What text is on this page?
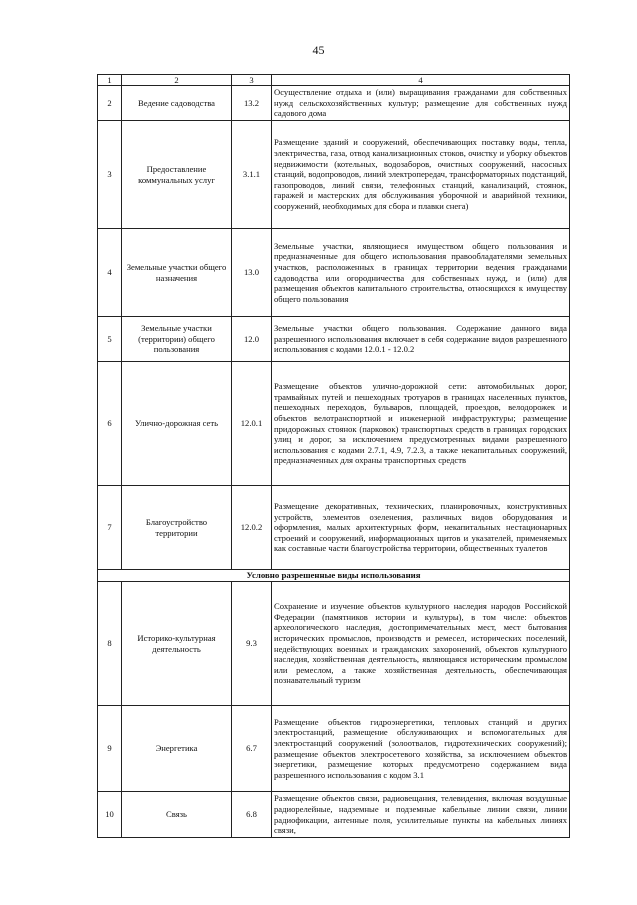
45
1	2	3	4
2	Ведение садоводства	13.2	Осуществление отдыха и (или) выращивания гражданами для собственных нужд сельскохозяйственных культур; размещение для собственных нужд садового дома
3	Предоставление коммунальных услуг	3.1.1	Размещение зданий и сооружений, обеспечивающих поставку воды, тепла, электричества, газа, отвод канализационных стоков, очистку и уборку объектов недвижимости (котельных, водозаборов, очистных сооружений, насосных станций, водопроводов, линий электропередач, трансформаторных подстанций, газопроводов, линий связи, телефонных станций, канализаций, стоянок, гаражей и мастерских для обслуживания уборочной и аварийной техники, сооружений, необходимых для сбора и плавки снега)
4	Земельные участки общего назначения	13.0	Земельные участки, являющиеся имуществом общего пользования и предназначенные для общего использования правообладателями земельных участков, расположенных в границах территории ведения гражданами садоводства или огородничества для собственных нужд, и (или) для размещения объектов капитального строительства, относящихся к имуществу общего пользования
5	Земельные участки (территории) общего пользования	12.0	Земельные участки общего пользования. Содержание данного вида разрешенного использования включает в себя содержание видов разрешенного использования с кодами 12.0.1 - 12.0.2
6	Улично-дорожная сеть	12.0.1	Размещение объектов улично-дорожной сети: автомобильных дорог, трамвайных путей и пешеходных тротуаров в границах населенных пунктов, пешеходных переходов, бульваров, площадей, проездов, велодорожек и объектов велотранспортной и инженерной инфраструктуры; размещение придорожных стоянок (парковок) транспортных средств в границах городских улиц и дорог, за исключением предусмотренных видами разрешенного использования с кодами 2.7.1, 4.9, 7.2.3, а также некапитальных сооружений, предназначенных для охраны транспортных средств
7	Благоустройство территории	12.0.2	Размещение декоративных, технических, планировочных, конструктивных устройств, элементов озеленения, различных видов оборудования и оформления, малых архитектурных форм, некапитальных нестационарных строений и сооружений, информационных щитов и указателей, применяемых как составные части благоустройства территории, общественных туалетов
Условно разрешенные виды использования			
8	Историко-культурная деятельность	9.3	Сохранение и изучение объектов культурного наследия народов Российской Федерации (памятников истории и культуры), в том числе: объектов археологического наследия, достопримечательных мест, мест бытования исторических промыслов, производств и ремесел, исторических поселений, недействующих военных и гражданских захоронений, объектов культурного наследия, хозяйственная деятельность, являющаяся историческим промыслом или ремеслом, а также хозяйственная деятельность, обеспечивающая познавательный туризм
9	Энергетика	6.7	Размещение объектов гидроэнергетики, тепловых станций и других электростанций, размещение обслуживающих и вспомогательных для электростанций сооружений (золоотвалов, гидротехнических сооружений); размещение объектов электросетевого хозяйства, за исключением объектов энергетики, размещение которых предусмотрено содержанием вида разрешенного использования с кодом 3.1
10	Связь	6.8	Размещение объектов связи, радиовещания, телевидения, включая воздушные радиорелейные, надземные и подземные кабельные линии связи, линии радиофикации, антенные поля, усилительные пункты на кабельных линиях связи,
